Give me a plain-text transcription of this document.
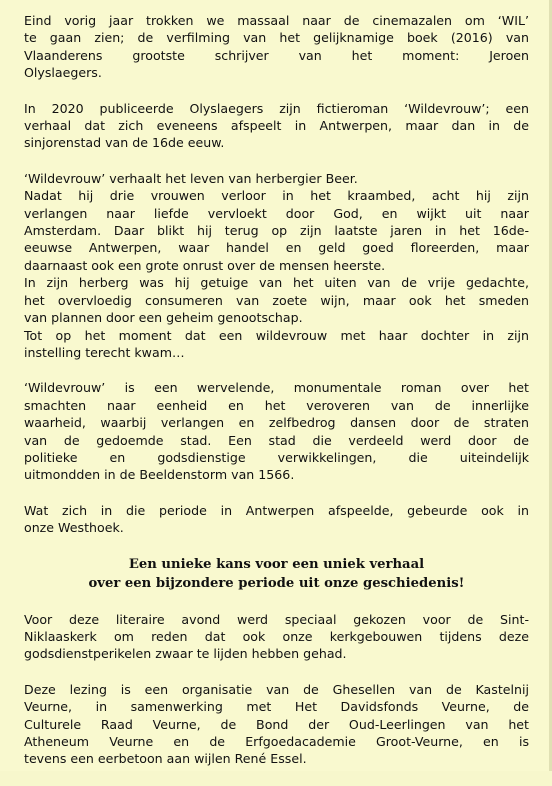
Eind vorig jaar trokken we massaal naar de cinemazalen om ‘WIL’
te gaan zien; de verfilming van het gelijknamige boek (2016) van
Vlaanderens grootste schrijver van het moment: Jeroen
Olyslaegers.
In 2020 publiceerde Olyslaegers zijn fictieroman ‘Wildevrouw’; een
verhaal dat zich eveneens afspeelt in Antwerpen, maar dan in de
sinjorenstad van de 16de eeuw.
‘Wildevrouw’ verhaalt het leven van herbergier Beer.
Nadat hij drie vrouwen verloor in het kraambed, acht hij zijn
verlangen naar liefde vervloekt door God, en wijkt uit naar
Amsterdam. Daar blikt hij terug op zijn laatste jaren in het 16de-
eeuwse Antwerpen, waar handel en geld goed floreerden, maar
daarnaast ook een grote onrust over de mensen heerste.
In zijn herberg was hij getuige van het uiten van de vrije gedachte,
het overvloedig consumeren van zoete wijn, maar ook het smeden
van plannen door een geheim genootschap.
Tot op het moment dat een wildevrouw met haar dochter in zijn
instelling terecht kwam…
‘Wildevrouw’ is een wervelende, monumentale roman over het
smachten naar eenheid en het veroveren van de innerlijke
waarheid, waarbij verlangen en zelfbedrog dansen door de straten
van de gedoemde stad. Een stad die verdeeld werd door de
politieke en godsdienstige verwikkelingen, die uiteindelijk
uitmondden in de Beeldenstorm van 1566.
Wat zich in die periode in Antwerpen afspeelde, gebeurde ook in
onze Westhoek.
Een unieke kans voor een uniek verhaal
over een bijzondere periode uit onze geschiedenis!
Voor deze literaire avond werd speciaal gekozen voor de Sint-
Niklaaskerk om reden dat ook onze kerkgebouwen tijdens deze
godsdienstperikelen zwaar te lijden hebben gehad.
Deze lezing is een organisatie van de Ghesellen van de Kastelnij
Veurne, in samenwerking met Het Davidsfonds Veurne, de
Culturele Raad Veurne, de Bond der Oud-Leerlingen van het
Atheneum Veurne en de Erfgoedacademie Groot-Veurne, en is
tevens een eerbetoon aan wijlen René Essel.
